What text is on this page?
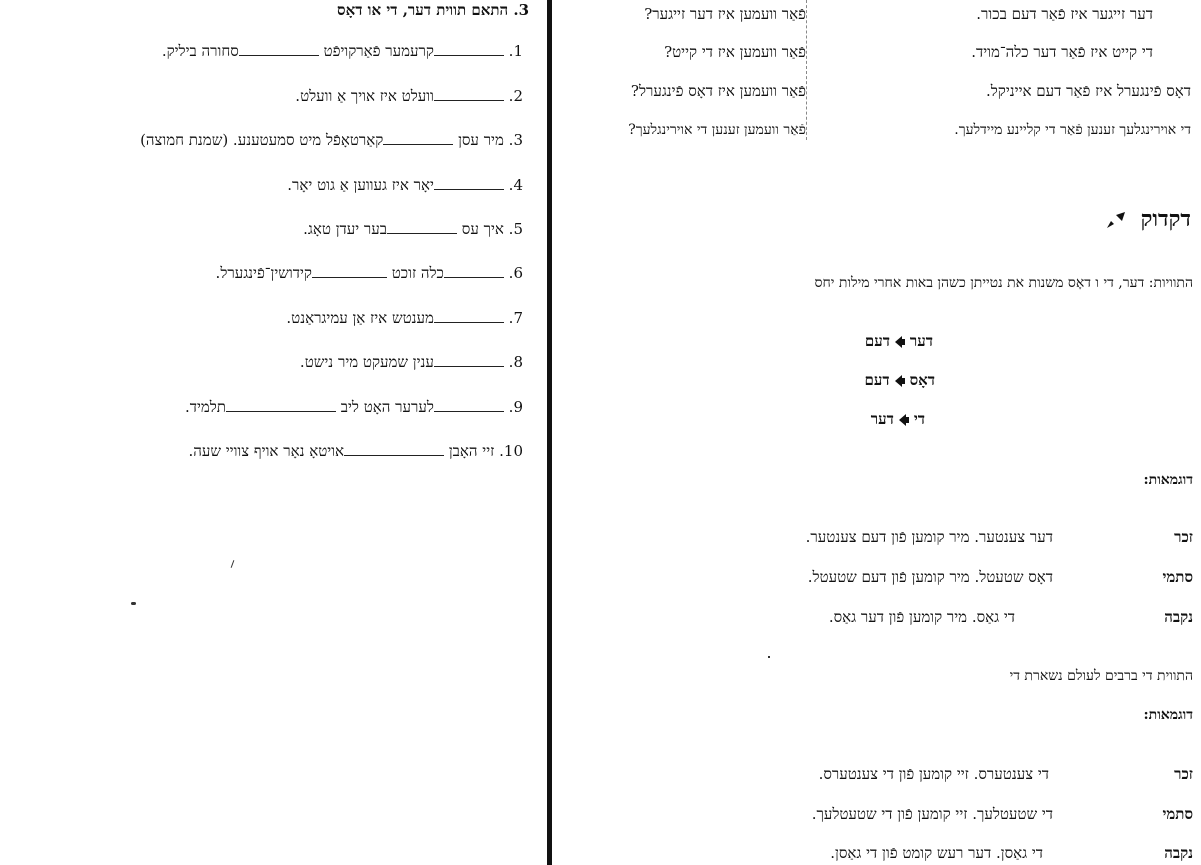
דער זייגער איז פֿאַר דעם בכור.
פֿאַר וועמען איז דער זייגער?
די קייט איז פֿאַר דער כלה־מויד.
פֿאַר וועמען איז די קייט?
דאָס פֿינגערל איז פֿאַר דעם אייניקל.
פֿאַר וועמען איז דאָס פֿינגערל?
די אוירינגלעך זענען פֿאַר די קליינע מיידלעך.
פֿאַר וועמען זענען די אוירינגלעך?
דקדוק
התוויות: דער, די ו דאָס משנות את נטייתן כשהן באות אחרי מילות יחס
דערדעם
דאָסדעם
דידער
דוגמאות:
זכר
דער צענטער. מיר קומען פֿון דעם צענטער.
סתמי
דאָס שטעטל. מיר קומען פֿון דעם שטעטל.
נקבה
די גאַס. מיר קומען פֿון דער גאַס.
התווית די ברבים לעולם נשארת די
דוגמאות:
זכר
די צענטערס. זיי קומען פֿון די צענטערס.
סתמי
די שטעטלעך. זיי קומען פֿון די שטעטלעך.
נקבה
די גאַסן. דער רעש קומט פֿון די גאַסן.
3. התאם תווית דער, די או דאָס
1. קרעמער פֿאַרקויפֿט סחורה ביליק.
2. וועלט איז אויך אַ וועלט.
3. מיר עסן קאַרטאָפֿל מיט סמעטענע. (שמנת חמוצה)
4. יאָר איז געווען אַ גוט יאָר.
5. איך עס בער יעדן טאָג.
6. כלה זוכט קידושין־פֿינגערל.
7. מענטש איז אַן עמיגראַנט.
8. ענין שמעקט מיר נישט.
9. לערער האָט ליב תלמיד.
10. זיי האָבן אויטאָ נאָר אויף צוויי שעה.
